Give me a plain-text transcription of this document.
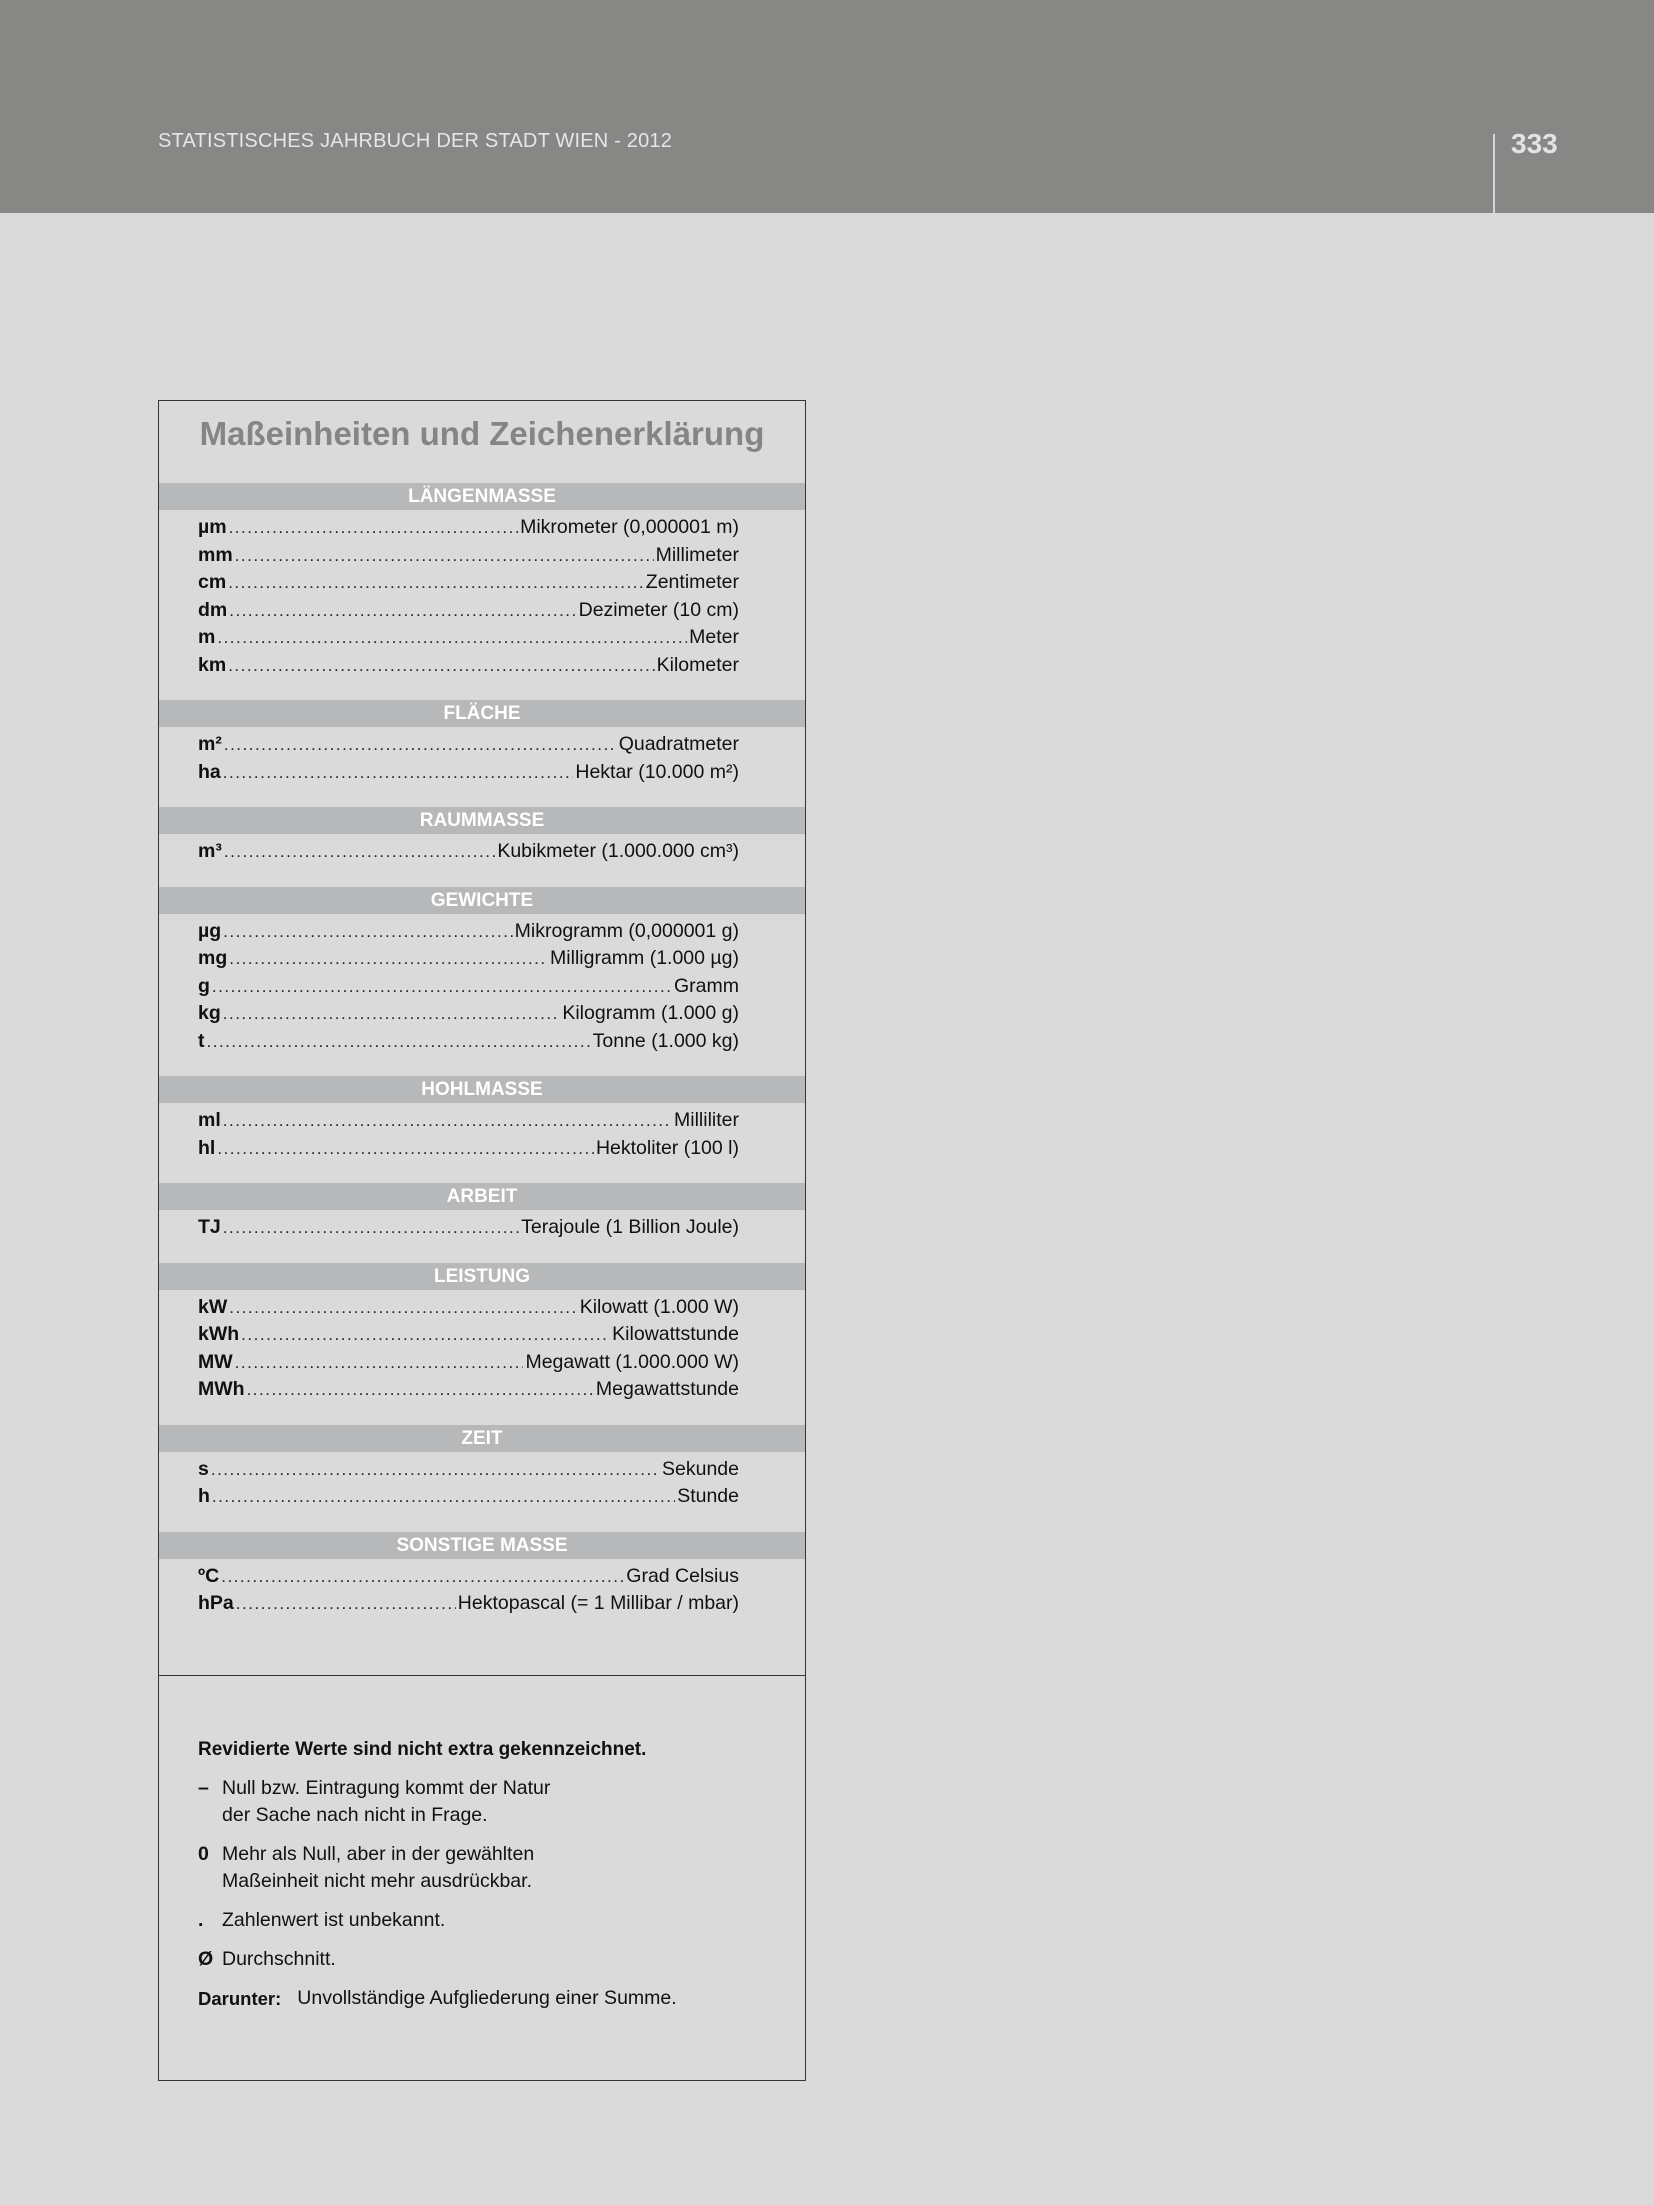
STATISTISCHES JAHRBUCH DER STADT WIEN - 2012	333
Maßeinheiten und Zeichenerklärung
LÄNGENMASSE
µm .....	Mikrometer (0,000001 m)
mm .....	Millimeter
cm .....	Zentimeter
dm .....	Dezimeter (10 cm)
m .....	Meter
km .....	Kilometer
FLÄCHE
m² .....	Quadratmeter
ha .....	Hektar (10.000 m²)
RAUMMASSE
m³ .....	Kubikmeter (1.000.000 cm³)
GEWICHTE
µg .....	Mikrogramm (0,000001 g)
mg .....	Milligramm (1.000 µg)
g .....	Gramm
kg .....	Kilogramm (1.000 g)
t .....	Tonne (1.000 kg)
HOHLMASSE
ml .....	Milliliter
hl .....	Hektoliter (100 l)
ARBEIT
TJ .....	Terajoule (1 Billion Joule)
LEISTUNG
kW .....	Kilowatt (1.000 W)
kWh .....	Kilowattstunde
MW .....	Megawatt (1.000.000 W)
MWh .....	Megawattstunde
ZEIT
s .....	Sekunde
h .....	Stunde
SONSTIGE MASSE
ºC .....	Grad Celsius
hPa .....	Hektopascal (= 1 Millibar / mbar)
Revidierte Werte sind nicht extra gekennzeichnet.
– Null bzw. Eintragung kommt der Natur
der Sache nach nicht in Frage.
0 Mehr als Null, aber in der gewählten
Maßeinheit nicht mehr ausdrückbar.
. Zahlenwert ist unbekannt.
Ø Durchschnitt.
Darunter: Unvollständige Aufgliederung einer Summe.
